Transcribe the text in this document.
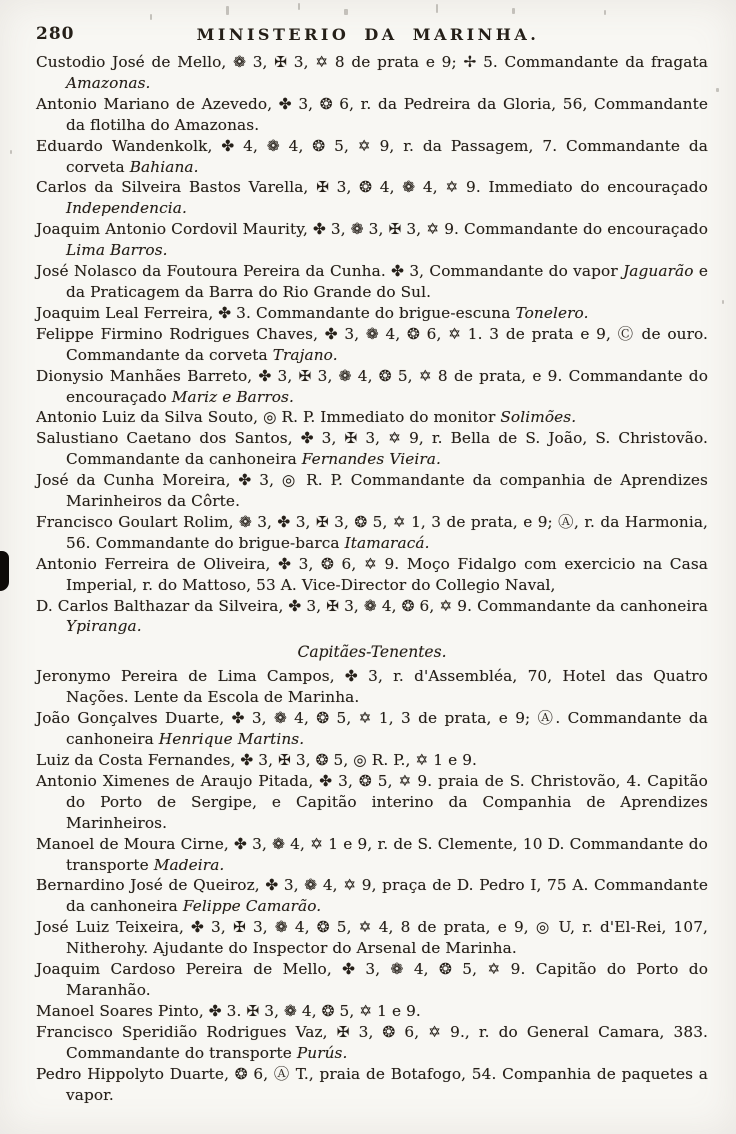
280	MINISTERIO DA MARINHA.

Custodio José de Mello, ❁ 3, ✠ 3, ✡ 8 de prata e 9; ✢ 5. Commandante da fragata Amazonas.

Antonio Mariano de Azevedo, ✤ 3, ❂ 6, r. da Pedreira da Gloria, 56, Commandante da flotilha do Amazonas.

Eduardo Wandenkolk, ✤ 4, ❁ 4, ❂ 5, ✡ 9, r. da Passagem, 7. Commandante da corveta Bahiana.

Carlos da Silveira Bastos Varella, ✠ 3, ❂ 4, ❁ 4, ✡ 9. Immediato do encouraçado Independencia.

Joaquim Antonio Cordovil Maurity, ✤ 3, ❁ 3, ✠ 3, ✡ 9. Commandante do encouraçado Lima Barros.

José Nolasco da Foutoura Pereira da Cunha. ✤ 3, Commandante do vapor Jaguarão e da Praticagem da Barra do Rio Grande do Sul.

Joaquim Leal Ferreira, ✤ 3. Commandante do brigue-escuna Tonelero.

Felippe Firmino Rodrigues Chaves, ✤ 3, ❁ 4, ❂ 6, ✡ 1. 3 de prata e 9, Ⓒ de ouro. Commandante da corveta Trajano.

Dionysio Manhães Barreto, ✤ 3, ✠ 3, ❁ 4, ❂ 5, ✡ 8 de prata, e 9. Commandante do encouraçado Mariz e Barros.

Antonio Luiz da Silva Souto, ◎ R. P. Immediato do monitor Solimões.

Salustiano Caetano dos Santos, ✤ 3, ✠ 3, ✡ 9, r. Bella de S. João, S. Christovão. Commandante da canhoneira Fernandes Vieira.

José da Cunha Moreira, ✤ 3, ◎ R. P. Commandante da companhia de Aprendizes Marinheiros da Côrte.

Francisco Goulart Rolim, ❁ 3, ✤ 3, ✠ 3, ❂ 5, ✡ 1, 3 de prata, e 9; Ⓐ, r. da Harmonia, 56. Commandante do brigue-barca Itamaracá.

Antonio Ferreira de Oliveira, ✤ 3, ❂ 6, ✡ 9. Moço Fidalgo com exercicio na Casa Imperial, r. do Mattoso, 53 A. Vice-Director do Collegio Naval,

D. Carlos Balthazar da Silveira, ✤ 3, ✠ 3, ❁ 4, ❂ 6, ✡ 9. Commandante da canhoneira Ypiranga.

Capitães-Tenentes.

Jeronymo Pereira de Lima Campos, ✤ 3, r. d'Assembléa, 70, Hotel das Quatro Nações. Lente da Escola de Marinha.

João Gonçalves Duarte, ✤ 3, ❁ 4, ❂ 5, ✡ 1, 3 de prata, e 9; Ⓐ. Commandante da canhoneira Henrique Martins.

Luiz da Costa Fernandes, ✤ 3, ✠ 3, ❂ 5, ◎ R. P., ✡ 1 e 9.

Antonio Ximenes de Araujo Pitada, ✤ 3, ❂ 5, ✡ 9. praia de S. Christovão, 4. Capitão do Porto de Sergipe, e Capitão interino da Companhia de Aprendizes Marinheiros.

Manoel de Moura Cirne, ✤ 3, ❁ 4, ✡ 1 e 9, r. de S. Clemente, 10 D. Commandante do transporte Madeira.

Bernardino José de Queiroz, ✤ 3, ❁ 4, ✡ 9, praça de D. Pedro I, 75 A. Commandante da canhoneira Felippe Camarão.

José Luiz Teixeira, ✤ 3, ✠ 3, ❁ 4, ❂ 5, ✡ 4, 8 de prata, e 9, ◎ U, r. d'El-Rei, 107, Nitherohy. Ajudante do Inspector do Arsenal de Marinha.

Joaquim Cardoso Pereira de Mello, ✤ 3, ❁ 4, ❂ 5, ✡ 9. Capitão do Porto do Maranhão.

Manoel Soares Pinto, ✤ 3. ✠ 3, ❁ 4, ❂ 5, ✡ 1 e 9.

Francisco Speridião Rodrigues Vaz, ✠ 3, ❂ 6, ✡ 9., r. do General Camara, 383. Commandante do transporte Purús.

Pedro Hippolyto Duarte, ❂ 6, Ⓐ T., praia de Botafogo, 54. Companhia de paquetes a vapor.
